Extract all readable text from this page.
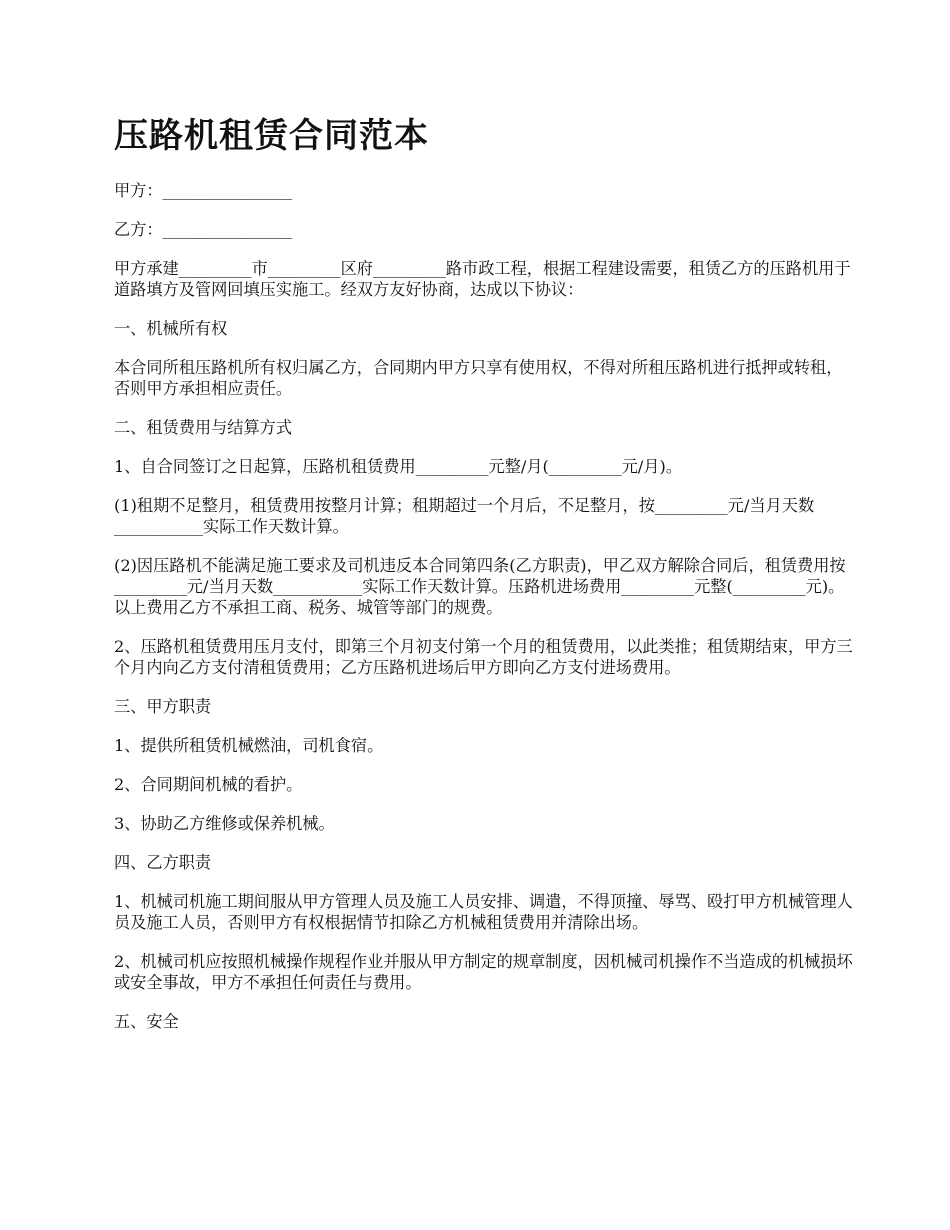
压路机租赁合同范本

甲方：________________

乙方：________________

甲方承建_________市_________区府_________路市政工程，根据工程建设需要，租赁乙方的压路机用于道路填方及管网回填压实施工。经双方友好协商，达成以下协议：

一、机械所有权

本合同所租压路机所有权归属乙方，合同期内甲方只享有使用权，不得对所租压路机进行抵押或转租，否则甲方承担相应责任。

二、租赁费用与结算方式

1、自合同签订之日起算，压路机租赁费用_________元整/月(_________元/月)。

(1)租期不足整月，租赁费用按整月计算；租期超过一个月后，不足整月，按_________元/当月天数___________实际工作天数计算。

(2)因压路机不能满足施工要求及司机违反本合同第四条(乙方职责)，甲乙双方解除合同后，租赁费用按_________元/当月天数___________实际工作天数计算。压路机进场费用_________元整(_________元)。以上费用乙方不承担工商、税务、城管等部门的规费。

2、压路机租赁费用压月支付，即第三个月初支付第一个月的租赁费用，以此类推；租赁期结束，甲方三个月内向乙方支付清租赁费用；乙方压路机进场后甲方即向乙方支付进场费用。

三、甲方职责

1、提供所租赁机械燃油，司机食宿。

2、合同期间机械的看护。

3、协助乙方维修或保养机械。

四、乙方职责

1、机械司机施工期间服从甲方管理人员及施工人员安排、调遣，不得顶撞、辱骂、殴打甲方机械管理人员及施工人员，否则甲方有权根据情节扣除乙方机械租赁费用并清除出场。

2、机械司机应按照机械操作规程作业并服从甲方制定的规章制度，因机械司机操作不当造成的机械损坏或安全事故，甲方不承担任何责任与费用。

五、安全
